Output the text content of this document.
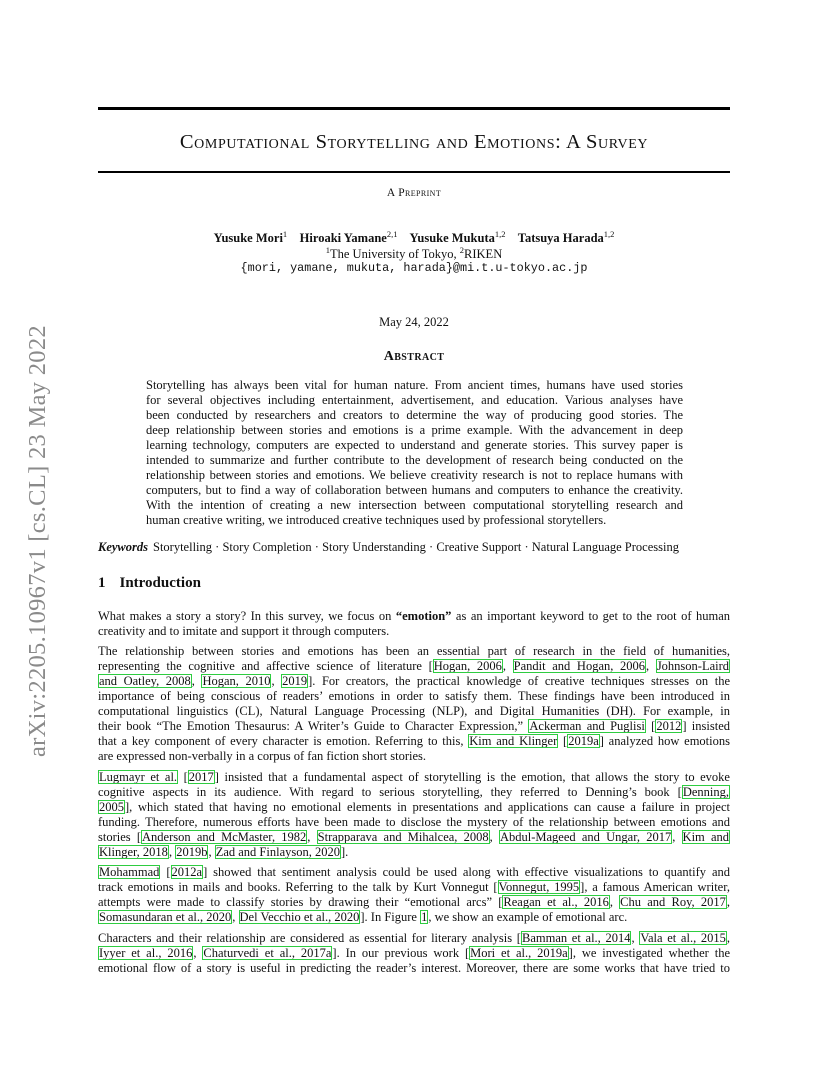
arXiv:2205.10967v1 [cs.CL] 23 May 2022
Computational Storytelling and Emotions: A Survey
A Preprint
Yusuke Mori$^1$ Hiroaki Yamane$^{2,1}$ Yusuke Mukuta$^{1,2}$ Tatsuya Harada$^{1,2}$
$^1$The University of Tokyo, $^2$RIKEN
{mori, yamane, mukuta, harada}@mi.t.u-tokyo.ac.jp
May 24, 2022
Abstract
Storytelling has always been vital for human nature. From ancient times, humans have used stories
for several objectives including entertainment, advertisement, and education. Various analyses have
been conducted by researchers and creators to determine the way of producing good stories. The
deep relationship between stories and emotions is a prime example. With the advancement in deep
learning technology, computers are expected to understand and generate stories. This survey paper is
intended to summarize and further contribute to the development of research being conducted on the
relationship between stories and emotions. We believe creativity research is not to replace humans with
computers, but to find a way of collaboration between humans and computers to enhance the creativity.
With the intention of creating a new intersection between computational storytelling research and
human creative writing, we introduced creative techniques used by professional storytellers.
Keywords Storytelling · Story Completion · Story Understanding · Creative Support · Natural Language Processing
1 Introduction
What makes a story a story? In this survey, we focus on “emotion” as an important keyword to get to the root of human
creativity and to imitate and support it through computers.
The relationship between stories and emotions has been an essential part of research in the field of humanities,
representing the cognitive and affective science of literature [Hogan, 2006, Pandit and Hogan, 2006, Johnson-Laird
and Oatley, 2008, Hogan, 2010, 2019]. For creators, the practical knowledge of creative techniques stresses on the
importance of being conscious of readers’ emotions in order to satisfy them. These findings have been introduced in
computational linguistics (CL), Natural Language Processing (NLP), and Digital Humanities (DH). For example, in
their book “The Emotion Thesaurus: A Writer’s Guide to Character Expression,” Ackerman and Puglisi [2012] insisted
that a key component of every character is emotion. Referring to this, Kim and Klinger [2019a] analyzed how emotions
are expressed non-verbally in a corpus of fan fiction short stories.
Lugmayr et al. [2017] insisted that a fundamental aspect of storytelling is the emotion, that allows the story to evoke
cognitive aspects in its audience. With regard to serious storytelling, they referred to Denning’s book [Denning,
2005], which stated that having no emotional elements in presentations and applications can cause a failure in project
funding. Therefore, numerous efforts have been made to disclose the mystery of the relationship between emotions and
stories [Anderson and McMaster, 1982, Strapparava and Mihalcea, 2008, Abdul-Mageed and Ungar, 2017, Kim and
Klinger, 2018, 2019b, Zad and Finlayson, 2020].
Mohammad [2012a] showed that sentiment analysis could be used along with effective visualizations to quantify and
track emotions in mails and books. Referring to the talk by Kurt Vonnegut [Vonnegut, 1995], a famous American writer,
attempts were made to classify stories by drawing their “emotional arcs” [Reagan et al., 2016, Chu and Roy, 2017,
Somasundaran et al., 2020, Del Vecchio et al., 2020]. In Figure 1, we show an example of emotional arc.
Characters and their relationship are considered as essential for literary analysis [Bamman et al., 2014, Vala et al., 2015,
Iyyer et al., 2016, Chaturvedi et al., 2017a]. In our previous work [Mori et al., 2019a], we investigated whether the
emotional flow of a story is useful in predicting the reader’s interest. Moreover, there are some works that have tried to
